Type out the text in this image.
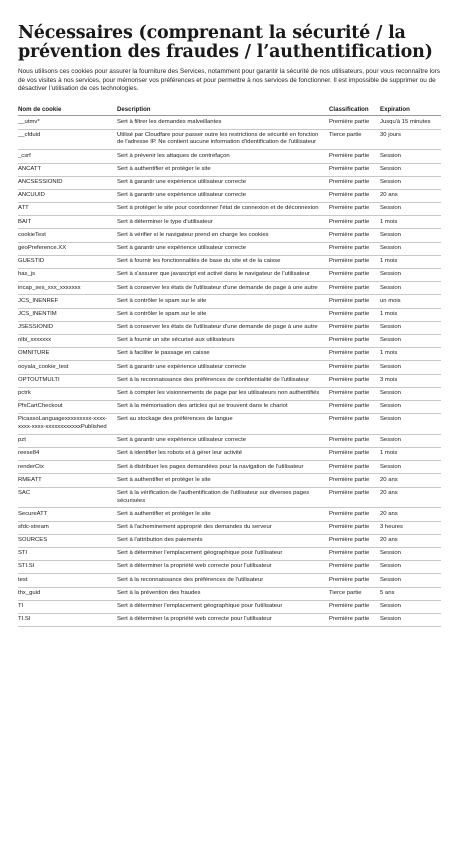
Nécessaires (comprenant la sécurité / la prévention des fraudes / l’authentification)

Nous utilisons ces cookies pour assurer la fourniture des Services, notamment pour garantir la sécurité de nos utilisateurs, pour vous reconnaître lors de vos visites à nos services, pour mémoriser vos préférences et pour permettre à nos services de fonctionner. Il est impossible de supprimer ou de désactiver l’utilisation de ces technologies.

Nom de cookie	Description	Classification	Expiration
__utmv*	Sert à filtrer les demandes malveillantes	Première partie	Jusqu'à 15 minutes
__cfduid	Utilisé par Cloudfare pour passer outre les restrictions de sécurité en fonction de l'adresse IP. Ne contient aucune information d'identification de l'utilisateur	Tierce partie	30 jours
_csrf	Sert à prévenir les attaques de contrefaçon	Première partie	Session
ANCATT	Sert à authentifier et protéger le site	Première partie	Session
ANCSESSIONID	Sert à garantir une expérience utilisateur correcte	Première partie	Session
ANCUUID	Sert à garantir une expérience utilisateur correcte	Première partie	20 ans
ATT	Sert à protéger le site pour coordonner l'état de connexion et de déconnexion	Première partie	Session
BAIT	Sert à déterminer le type d'utilisateur	Première partie	1 mois
cookieTest	Sert à vérifier si le navigateur prend en charge les cookies	Première partie	Session
geoPreference.XX	Sert à garantir une expérience utilisateur correcte	Première partie	Session
GUESTID	Sert à fournir les fonctionnalités de base du site et de la caisse	Première partie	1 mois
has_js	Sert à s'assurer que javascript est activé dans le navigateur de l'utilisateur	Première partie	Session
incap_ses_xxx_xxxxxxx	Sert à conserver les états de l'utilisateur d'une demande de page à une autre	Première partie	Session
JCS_INENREF	Sert à contrôler le spam sur le site	Première partie	un mois
JCS_INENTIM	Sert à contrôler le spam sur le site	Première partie	1 mois
JSESSIONID	Sert à conserver les états de l'utilisateur d'une demande de page à une autre	Première partie	Session
nlbi_xxxxxxx	Sert à fournir un site sécurisé aux utilisateurs	Première partie	Session
OMNITURE	Sert à faciliter le passage en caisse	Première partie	1 mois
ooyala_cookie_test	Sert à garantir une expérience utilisateur correcte	Première partie	Session
OPTOUTMULTI	Sert à la reconnaissance des préférences de confidentialité de l'utilisateur	Première partie	3 mois
pctrk	Sert à compter les visionnements de page par les utilisateurs non authentifiés	Première partie	Session
PfxCartCheckout	Sert à la mémorisation des articles qui se trouvent dans le chariot	Première partie	Session
PicassoLanguagexxxxxxxxx-xxxx-xxxx-xxxx-xxxxxxxxxxxxPublished	Sert au stockage des préférences de langue	Première partie	Session
pzt	Sert à garantir une expérience utilisateur correcte	Première partie	Session
reese84	Sert à identifier les robots et à gérer leur activité	Première partie	1 mois
renderCtx	Sert à distribuer les pages demandées pour la navigation de l'utilisateur	Première partie	Session
RMEATT	Sert à authentifier et protéger le site	Première partie	20 ans
SAC	Sert à la vérification de l'authentification de l'utilisateur sur diverses pages sécurisées	Première partie	20 ans
SecureATT	Sert à authentifier et protéger le site	Première partie	20 ans
sfdc-stream	Sert à l'acheminement approprié des demandes du serveur	Première partie	3 heures
SOURCES	Sert à l'attribution des paiements	Première partie	20 ans
STI	Sert à déterminer l'emplacement géographique pour l'utilisateur	Première partie	Session
STI.SI	Sert à déterminer la propriété web correcte pour l'utilisateur	Première partie	Session
test	Sert à la reconnaissance des préférences de l'utilisateur	Première partie	Session
thx_guid	Sert à la prévention des fraudes	Tierce partie	5 ans
TI	Sert à déterminer l'emplacement géographique pour l'utilisateur	Première partie	Session
TI.SI	Sert à déterminer la propriété web correcte pour l'utilisateur	Première partie	Session
